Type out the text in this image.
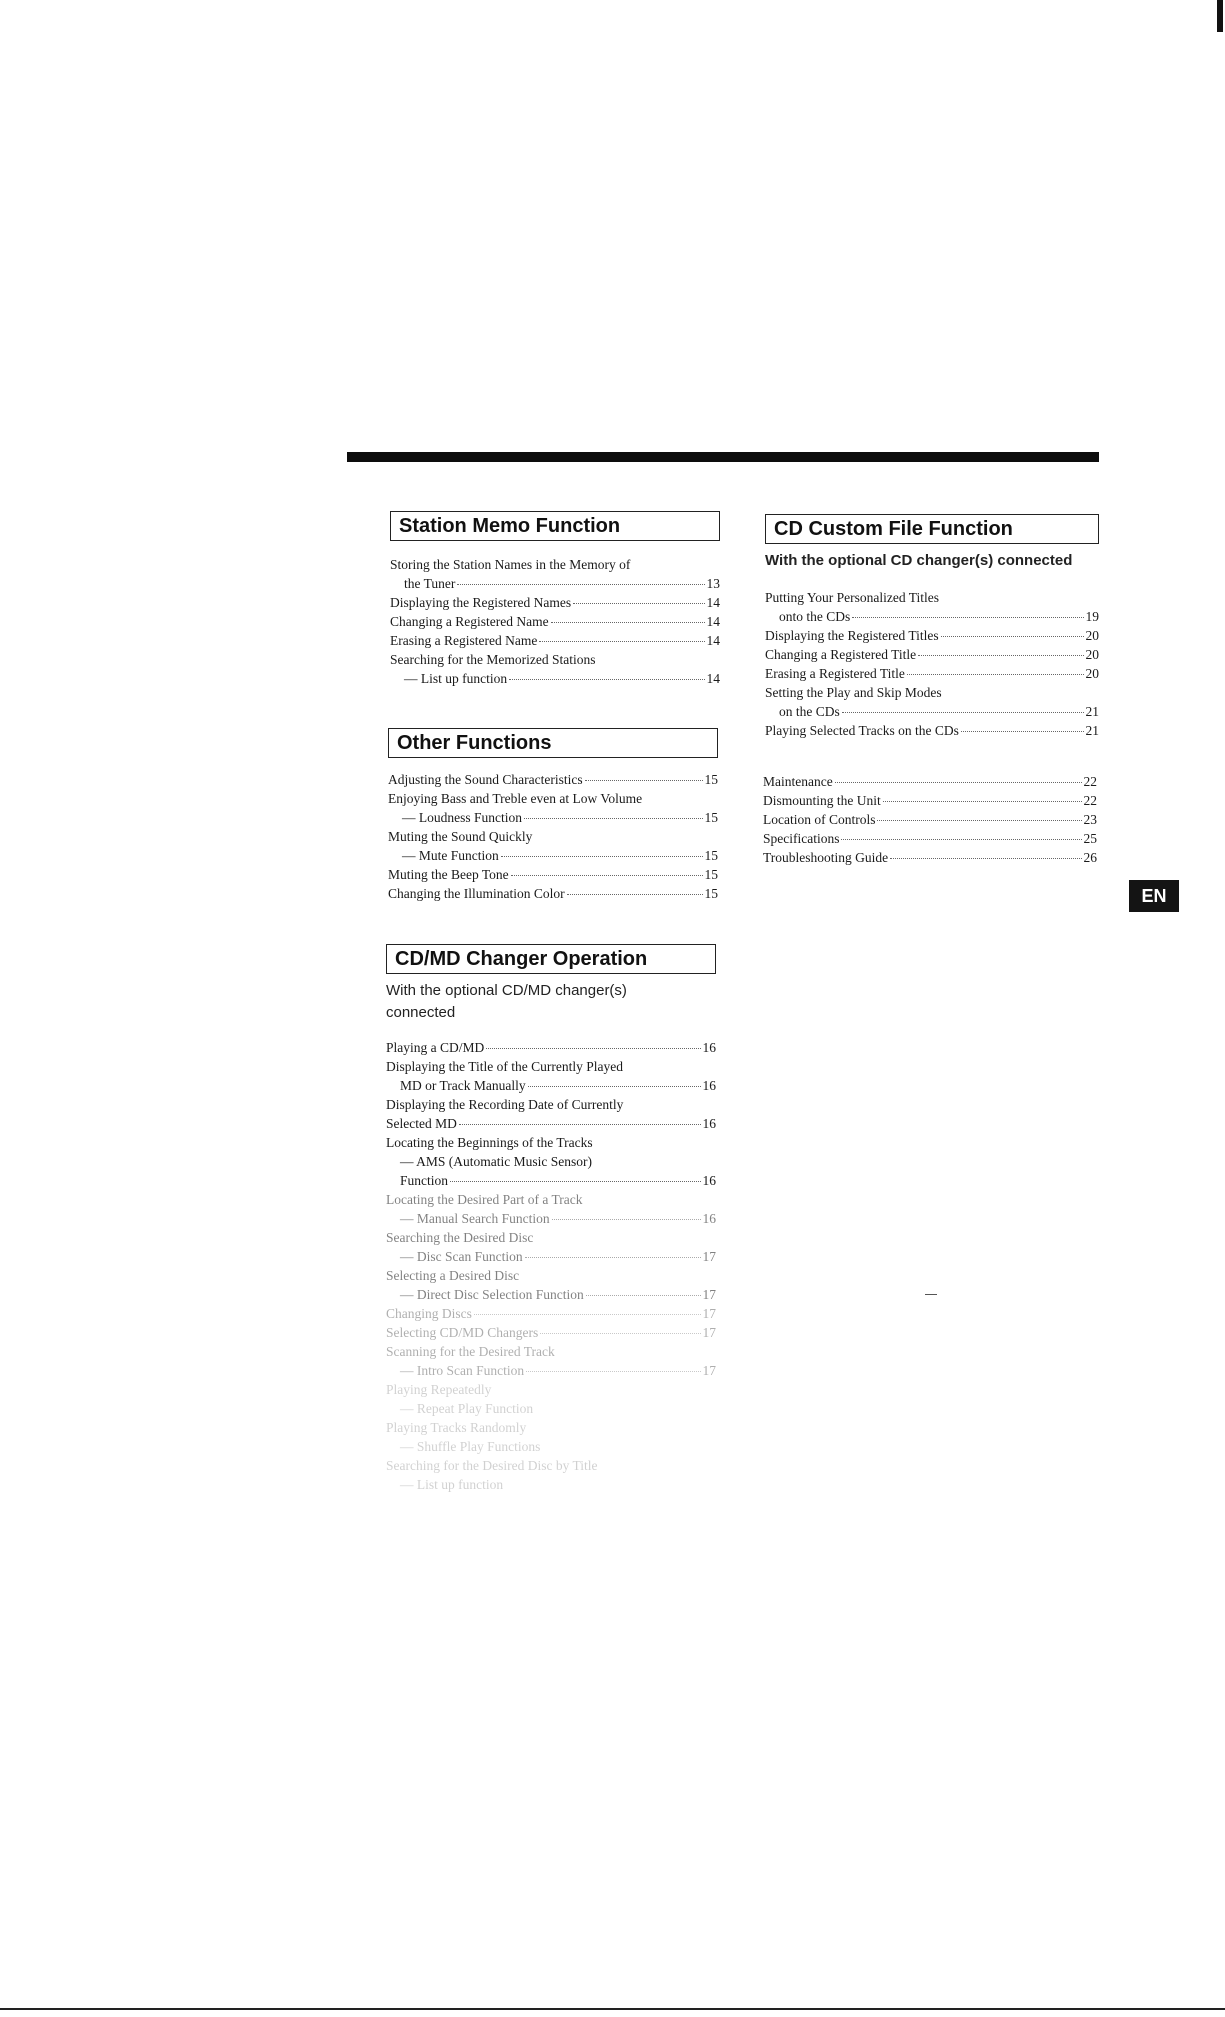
Station Memo Function
Storing the Station Names in the Memory of
the Tuner	13
Displaying the Registered Names	14
Changing a Registered Name	14
Erasing a Registered Name	14
Searching for the Memorized Stations
— List up function	14
Other Functions
Adjusting the Sound Characteristics	15
Enjoying Bass and Treble even at Low Volume
— Loudness Function	15
Muting the Sound Quickly
— Mute Function	15
Muting the Beep Tone	15
Changing the Illumination Color	15
CD/MD Changer Operation
With the optional CD/MD changer(s) connected
Playing a CD/MD	16
Displaying the Title of the Currently Played
MD or Track Manually	16
Displaying the Recording Date of Currently
Selected MD	16
Locating the Beginnings of the Tracks
— AMS (Automatic Music Sensor)
Function	16
Locating the Desired Part of a Track
— Manual Search Function	16
Searching the Desired Disc
— Disc Scan Function	17
Selecting a Desired Disc
— Direct Disc Selection Function	17
Changing Discs	17
Selecting CD/MD Changers	17
Scanning for the Desired Track
— Intro Scan Function	17
Playing Repeatedly
— Repeat Play Function
Playing Tracks Randomly
— Shuffle Play Functions
Searching for the Desired Disc by Title
— List up function
CD Custom File Function
With the optional CD changer(s) connected
Putting Your Personalized Titles
onto the CDs	19
Displaying the Registered Titles	20
Changing a Registered Title	20
Erasing a Registered Title	20
Setting the Play and Skip Modes
on the CDs	21
Playing Selected Tracks on the CDs	21
Maintenance	22
Dismounting the Unit	22
Location of Controls	23
Specifications	25
Troubleshooting Guide	26
EN
